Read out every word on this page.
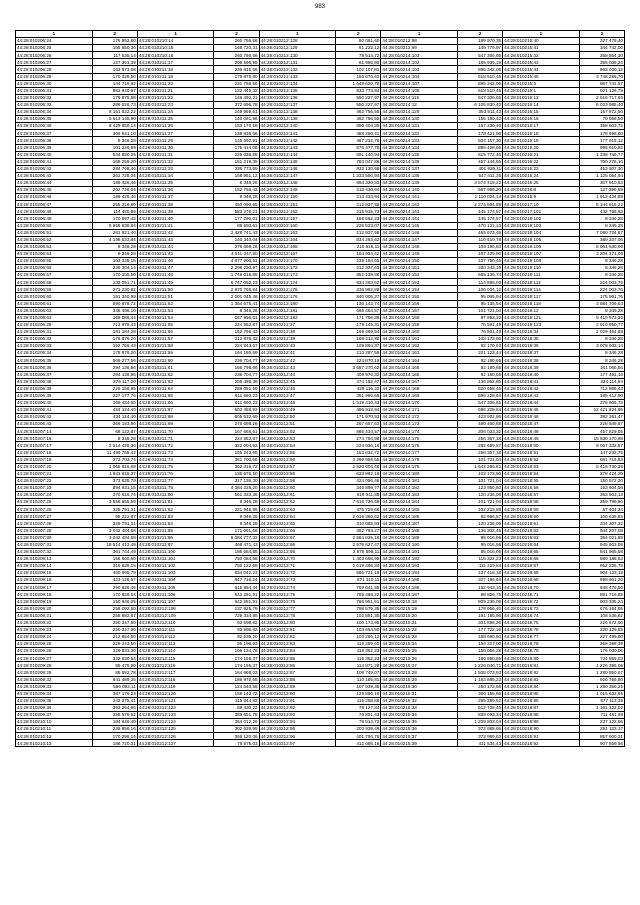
983
1	2	1	2	1	2	1	2	1	2
44:28:010206:24	176 952,80	44:28:010210:14	260 756,56	44:28:010212:128	80 061,60	44:28:010212:98	189 970,35	44:28:010215:40	327 476,40
44:28:010206:25	155 650,30	44:28:010210:15	168 720,31	44:28:010212:129	61 222,12	44:28:010212:99	149 779,97	44:28:010215:41	344 742,00
44:28:010206:26	117 535,14	44:28:010210:16	260 756,56	44:28:010212:130	78 514,72	44:28:010214:103	547 306,65	44:28:010215:42	358 854,30
44:28:010206:27	127 361,39	44:28:010211:17	208 596,95	44:28:010212:131	61 995,96	44:28:010214:102	185 935,19	44:28:010215:43	355 035,24
44:28:010206:28	163 873,68	44:28:010211:18	236 615,55	44:28:010212:132	102 107,81	44:28:010214:103	895 342,06	44:28:010215:44	863 030,12
44:28:010206:29	170 026,50	44:28:010211:19	176 875,80	44:28:010212:133	156 676,62	44:28:010214:104	618 510,45	44:28:010215:46	3 748 286,70
44:28:010206:30	144 716,82	44:28:010211:20	231 756,56	44:28:010212:134	1 648 620,78	44:28:010214:107	895 342,06	44:28:010215:5	867 741,57
44:28:010206:31	881 940,97	44:28:010211:21	132 445,32	44:28:010212:135	933 773,84	44:28:010214:108	618 510,45	44:28:010216:1	921 126,79
44:28:010206:32	178 875,88	44:28:010211:22	146 492,21	44:28:010212:136	550 227,97	44:28:010214:115	547 306,65	44:28:010216:12	2 616 717,60
44:28:010206:33	289 526,73	44:28:010211:23	372 696,78	44:28:010212:137	550 227,97	44:28:010214:12	6 105 830,40	44:28:010216:14	6 033 985,40
44:28:010206:34	8 151 822,22	44:28:010211:24	249 959,61	44:28:010212:138	462 756,55	44:28:010214:129	353 511,43	44:28:010216:15	157 872,50
44:28:010206:35	5 513 145,90	44:28:010211:25	140 061,96	44:28:010212:139	462 756,55	44:28:010214:130	155 150,42	44:28:010216:16	79 956,50
44:28:010206:36	8 429 959,14	44:28:010211:26	153 170,58	44:28:010212:140	850 404,35	44:28:010214:131	167 230,48	44:28:010216:17	358 603,72
44:28:010206:37	306 641,10	44:28:010211:27	138 836,66	44:28:010212:141	488 260,41	44:28:010214:132	178 421,96	44:28:010216:18	178 698,80
44:28:010206:38	8 346,28	44:28:010211:29	145 592,91	44:28:010212:142	467 232,76	44:28:010214:133	504 157,30	44:28:010216:19	177 915,12
44:28:010206:39	101 226,89	44:28:010211:30	175 414,08	44:28:010212:143	676 477,79	44:28:010214:134	899 428,65	44:28:010216:20	996 610,92
44:28:010206:40	544 850,25	44:28:010211:31	225 036,85	44:28:010212:144	591 140,94	44:28:010214:135	615 772,46	44:28:010216:21	1 338 746,77
44:28:010206:41	169 259,20	44:28:010211:32	161 219,35	44:28:010212:145	783 047,86	44:28:010214:136	457 144,55	44:28:010216:22	700 276,16
44:28:010206:42	284 768,46	44:28:010211:33	336 773,55	44:28:010212:146	832 130,68	44:28:010214:137	401 936,11	44:28:010216:23	453 807,30
44:28:010206:43	262 728,04	44:28:010211:34	168 951,12	44:28:010212:147	1 333 590,94	44:28:010214:138	547 411,35	44:28:010216:24	1 125 054,94
44:28:010206:44	189 426,46	44:28:010211:35	8 346,28	44:28:010212:148	864 320,33	44:28:010214:139	3 574 418,22	44:28:010216:25	307 910,53
44:28:010206:45	262 728,04	44:28:010211:36	152 756,43	44:28:010212:149	213 430,94	44:28:010214:140	567 969,20	44:28:010216:8	127 395,59
44:28:010206:46	189 426,46	44:28:010211:37	8 346,28	44:28:010212:150	213 433,94	44:28:010214:141	1 110 024,14	44:28:010216:9	1 912 434,88
44:28:010206:47	255 316,80	44:28:010211:38	450 090,65	44:28:010212:151	212 937,58	44:28:010214:142	2 274 594,89	44:28:010217:10	6 144 616,22
44:28:010206:48	114 480,66	44:28:010211:39	583 276,21	44:28:010212:152	215 915,73	44:28:010214:143	445 174,57	44:28:010217:101	432 768,63
44:28:010206:49	170 897,42	44:28:010211:40	177 290,01	44:28:010212:157	158 562,23	44:28:010214:144	445 174,57	44:28:010218:102	8 346,28
44:28:010206:50	5 968 638,84	44:28:010211:41	89 693,61	44:28:010212:160	226 523,07	44:28:010214:145	470 121,13	44:28:010218:103	8 346,28
44:28:010206:51	281 921,40	44:28:010211:42	2 428 741,43	44:28:010212:163	212 937,58	44:28:010214:146	465 673,49	44:28:010218:104	7 080 734,87
44:28:010206:52	4 198 533,84	44:28:010211:43	140 340,04	44:28:010212:164	834 263,62	44:28:010214:147	110 619,78	44:28:010218:105	389 337,05
44:28:010206:53	8 346,28	44:28:010211:44	276 698,26	44:28:010212:165	210 516,11	44:28:010214:148	109 196,83	44:28:010218:106	5 961 630,96
44:28:010206:54	8 346,28	44:28:010211:45	4 511 347,50	44:28:010212:167	164 934,42	44:28:010214:149	107 425,90	44:28:010218:107	3 204 371,06
44:28:010206:55	163 335,15	44:28:010211:46	4 577 906,51	44:28:010212:170	235 154,65	44:28:010214:150	107 750,46	44:28:010218:108	8 346,28
44:28:010206:56	239 304,14	44:28:010211:47	2 298 230,97	44:28:010212:172	212 337,63	44:28:010214:151	330 243,19	44:28:010218:110	8 346,28
44:28:010206:57	170 155,50	44:28:010211:48	1 748 016,85	44:28:010212:173	852 139,98	44:28:010214:152	665 136,74	44:28:010218:111	8 346,28
44:28:010206:58	133 051,71	44:28:010211:49	6 747 052,23	44:28:010212:174	834 263,62	44:28:010214:153	114 896,00	44:28:010218:112	224 003,76
44:28:010206:59	271 230,82	44:28:010211:50	2 670 766,84	44:28:010212:175	236 952,88	44:28:010214:154	106 034,12	44:28:010218:114	224 003,76
44:28:010206:60	181 340,99	44:28:010211:51	2 001 045,48	44:28:010212:176	840 005,27	44:28:010214:155	95 065,94	44:28:010218:117	175 961,76
44:28:010206:61	590 676,72	44:28:010211:52	1 384 675,41	44:28:010212:180	136 143,74	44:28:010214:156	95 135,54	44:28:010218:118	3 884 709,63
44:28:010206:62	345 496,10	44:28:010211:53	8 346,28	44:28:010212:181	665 454,57	44:28:010214:157	101 721,04	44:28:010218:12	8 346,28
44:28:010206:63	168 086,44	44:28:010211:54	167 956,61	44:28:010212:182	171 756,39	44:28:010214:158	97 853,32	44:28:010218:121	5 410 573,36
44:28:010206:29	713 976,43	44:28:010211:55	224 552,87	44:28:010212:37	179 145,31	44:28:010214:159	76 591,49	44:28:010218:123	2 910 950,77
44:28:010206:31	181 184,28	44:28:010211:56	152 756,43	44:28:010212:38	169 469,54	44:28:010214:160	76 501,49	44:28:010218:34	2 029 464,88
44:28:010206:32	178 876,20	44:28:010211:57	212 876,43	44:28:010212:39	168 412,80	44:28:010214:161	103 173,96	44:28:010218:35	8 346,28
44:28:010206:33	152 756,43	44:28:010211:58	224 843,57	44:28:010212:40	109 894,37	44:28:010214:162	92 170,63	44:28:010218:36	3 078 933,14
44:28:010206:34	178 876,20	44:28:010211:59	164 180,59	44:28:010212:41	213 287,59	44:28:010214:163	201 123,44	44:28:010218:37	8 346,28
44:28:010206:35	569 277,56	44:28:010211:60	236 704,77	44:28:010212:42	224 870,19	44:28:010214:164	92 180,66	44:28:010218:38	8 346,28
44:28:010206:36	294 136,86	44:28:010211:61	166 796,66	44:28:010212:43	3 687 270,62	44:28:010214:165	92 180,66	44:28:010218:39	161 065,84
44:28:010206:37	294 136,86	44:28:010211:62	236 704,77	44:28:010212:44	409 976,32	44:28:010214:166	92 180,66	44:28:010218:40	177 491,16
44:28:010206:38	375 117,20	44:28:010211:63	259 488,38	44:28:010212:45	474 182,47	44:28:010214:167	136 862,85	44:28:010218:41	324 114,84
44:28:010206:39	225 158,85	44:28:010211:64	289 051,59	44:28:010212:46	429 116,32	44:28:010214:168	820 658,46	44:28:010218:42	712 866,43
44:28:010206:39	227 177,76	44:28:010211:65	611 660,23	44:28:010212:47	351 986,66	44:28:010214:169	696 228,64	44:28:010218:43	185 412,90
44:28:010206:40	169 434,60	44:28:010211:66	611 660,23	44:28:010212:48	1 519 410,43	44:28:010214:170	547 306,65	44:28:010218:44	276 605,73
44:28:010206:41	434 124,40	44:28:010211:67	602 458,92	44:28:010212:49	486 912,94	44:28:010214:171	696 228,64	44:28:010218:45	12 421 624,95
44:28:010206:42	434 124,40	44:28:010211:68	605 532,69	44:28:010212:50	171 970,93	44:28:010214:172	423 932,86	44:28:010218:46	382 261,47
44:28:010206:43	366 183,90	44:28:010211:69	276 698,26	44:28:010212:51	267 657,63	44:28:010214:173	480 460,68	44:28:010218:47	228 849,87
44:28:010207:14	68 122,87	44:28:010211:70	167 666,61	44:28:010212:52	885 434,57	44:28:010214:174	306 023,32	44:28:010218:48	457 829,05
44:28:010207:16	8 346,28	44:28:010211:71	224 852,87	44:28:010212:53	274 794,98	44:28:010214:175	256 357,18	44:28:010218:49	15 930 170,98
44:28:010207:17	2 514 436,36	44:28:010211:72	322 004,93	44:28:010212:54	224 936,16	44:28:010214:176	292 689,57	44:28:010218:50	8 067 332,87
44:28:010207:18	11 496 768,42	44:28:010211:73	165 243,65	44:28:010212:55	153 632,72	44:28:010214:177	256 357,18	44:28:010218:51	147 232,76
44:28:010207:19	373 703,74	44:28:010211:74	361 700,66	44:28:010212:56	3 299 955,55	44:28:010214:178	101 721,04	44:28:010218:52	681 716,83
44:28:010207:20	1 065 815,69	44:28:010211:75	362 316,72	44:28:010212:57	2 520 604,46	44:28:010214:179	1 642 266,81	44:28:010218:53	5 416 730,36
44:28:010207:21	1 941 615,37	44:28:010211:76	136 676,50	44:28:010212:58	623 992,16	44:28:010214:180	103 173,96	44:28:010218:54	278 424,20
44:28:010207:22	373 635,79	44:28:010211:77	317 136,30	44:28:010212:59	424 056,46	44:28:010214:181	101 721,04	44:28:010218:55	150 572,20
44:28:010207:23	894 931,15	44:28:010211:79	4 384 228,20	44:28:010212:60	345 899,77	44:28:010214:182	123 950,50	44:28:010218:56	153 604,58
44:28:010207:24	370 616,74	44:28:010211:80	561 333,35	44:28:010212:61	619 911,88	44:28:010214:183	120 236,09	44:28:010218:57	353 503,13
44:28:010207:25	3 558 555,59	44:28:010211:81	8 346,28	44:28:010212:62	7 816 736,59	44:28:010214:184	101 721,04	44:28:010218:58	359 798,60
44:28:010207:26	325 791,31	44:28:010211:82	221 946,95	44:28:010212:63	475 729,66	44:28:010214:185	102 215,88	44:28:010218:59	57 404,34
44:28:010207:27	95 222,87	44:28:010211:83	8 346,28	44:28:010212:64	2 016 365,62	44:28:010214:186	92 986,57	44:28:010218:60	100 635,83
44:28:010207:28	325 791,31	44:28:010211:84	8 346,28	44:28:010212:65	310 085,93	44:28:010214:187	120 236,09	44:28:010218:61	334 307,32
44:28:010207:29	3 042 484,58	44:28:010211:85	171 091,66	44:28:010212:66	362 793,27	44:28:010214:188	136 302,45	44:28:010218:62	944 207,08
44:28:010207:30	3 042 484,58	44:28:010211:86	6 084 777,32	44:28:010212:67	2 584 625,15	44:28:010214:189	95 016,96	44:28:010218:63	354 021,88
44:28:010207:31	18 514 413,49	44:28:010211:87	468 471,43	44:28:010212:68	2 579 627,47	44:28:010214:190	95 016,96	44:28:010218:64	945 603,59
44:28:010207:32	361 744,49	44:28:010211:100	186 584,85	44:28:010212:69	2 875 598,11	44:28:010214:191	95 016,96	44:28:010218:65	841 965,58
44:28:010209:13	156 660,60	44:28:010211:101	750 084,58	44:28:010212:70	1 403 698,96	44:28:010214:192	115 322,23	44:28:010218:66	889 188,53
44:28:010209:14	315 636,15	44:28:010211:102	750 122,68	44:28:010212:71	2 619 486,34	44:28:010214:193	111 319,64	44:28:010218:67	852 235,78
44:28:010209:15	460 695,79	44:28:010211:103	834 042,23	44:28:010212:72	585 721,19	44:28:010214:194	137 418,18	44:28:010218:68	904 133,18
44:28:010209:16	423 128,57	44:28:010211:104	847 716,24	44:28:010212:73	871 110,11	44:28:010214:195	327 196,64	44:28:010218:69	898 661,20
44:28:010209:17	290 628,46	44:28:010211:105	615 854,44	44:28:010212:74	769 641,95	44:28:010214:196	152 943,16	44:28:010218:70	848 475,50
44:28:010209:18	170 826,64	44:28:010211:106	642 281,91	44:28:010212:75	765 468,22	44:28:010214:197	98 826,75	44:28:010218:71	861 716,85
44:28:010209:19	150 646,05	44:28:010211:107	642 281,91	44:28:010212:76	766 951,51	44:28:010215:18	809 236,08	44:28:010218:72	903 335,24
44:28:010209:20	258 092,60	44:28:010212:106	137 925,76	44:28:010212:77	798 579,39	44:28:010215:19	178 666,40	44:28:010218:73	676 164,65
44:28:010209:21	258 982,87	44:28:010212:109	729 334,85	44:28:010212:78	102 881,35	44:28:010215:20	191 185,96	44:28:010218:74	108 536,82
44:28:010209:22	250 347,90	44:28:010212:110	93 598,82	44:28:010212:80	100 173,95	44:28:010215:21	301 896,26	44:28:010218:75	226 572,60
44:28:010209:23	250 347,90	44:28:010212:111	93 598,82	44:28:010212:81	103 654,50	44:28:010215:22	177 722,16	44:28:010218:76	230 129,55
44:28:010209:24	213 854,50	44:28:010212:112	92 535,20	44:28:010212:82	103 266,12	44:28:010215:23	158 690,50	44:28:010218:77	227 499,80
44:28:010209:25	229 243,50	44:28:010212:113	95 196,93	44:28:010212:83	115 289,60	44:28:010215:24	154 227,00	44:28:010218:78	368 388,39
44:28:010209:26	329 833,30	44:28:010212:114	168 134,76	44:28:010212:84	118 352,23	44:28:010215:25	156 056,28	44:28:010218:79	176 030,06
44:28:010209:27	322 030,64	44:28:010212:115	174 155,37	44:28:010212:85	115 352,23	44:28:010215:26	180 950,55	44:28:010218:80	734 555,03
44:28:010209:28	95 475,90	44:28:010212:116	174 155,37	44:28:010212:86	114 871,28	44:28:010215:27	1 226 040,71	44:28:010218:81	1 226 395,08
44:28:010209:29	85 552,78	44:28:010212:117	164 968,03	44:28:010212:87	108 749,07	44:28:010215:28	1 505 073,93	44:28:010218:82	1 289 850,67
44:28:010209:32	841 489,25	44:28:010212:118	186 970,65	44:28:010212:88	110 185,81	44:28:010215:29	1 183 895,22	44:28:010218:83	926 765,80
44:28:010209:33	586 093,11	44:28:010212:119	124 540,58	44:28:010212:89	107 939,36	44:28:010215:30	250 172,88	44:28:010218:84	1 280 356,25
44:28:010209:34	387 176,23	44:28:010212:120	158 143,72	44:28:010212:90	129 866,18	44:28:010215:31	360 156,55	44:28:010218:85	1 015 632,95
44:28:010209:35	242 375,41	44:28:010212:121	115 644,83	44:28:010212:91	115 258,86	44:28:010215:32	255 289,52	44:28:010218:86	877 113,35
44:28:010209:36	353 264,66	44:28:010212:122	69 430,22	44:28:010212:92	78 127,84	44:28:010215:33	612 708,45	44:28:010218:87	1 161 322,02
44:28:010209:37	258 576,52	44:28:010212:123	389 651,75	44:28:010212:93	76 851,43	44:28:010215:34	839 093,34	44:28:010218:88	711 481,98
44:28:010210:10	184 646,40	44:28:010212:124	364 012,26	44:28:010212:94	78 514,72	44:28:010215:35	1 209 803,04	44:28:010218:89	237 122,56
44:28:010210:11	238 856,16	44:28:010212:125	302 639,95	44:28:010212:95	203 939,49	44:28:010215:36	372 688,66	44:28:010218:90	281 123,17
44:28:010210:12	170 296,14	44:28:010212:126	366 120,06	44:28:010212:96	401 794,76	44:28:010215:37	373 989,63	44:28:010218:91	857 600,31
44:28:010210:13	188 720,31	44:28:010212:127	79 875,03	44:28:010212:97	412 686,16	44:28:010215:39	411 534,43	44:28:010218:92	907 859,56
